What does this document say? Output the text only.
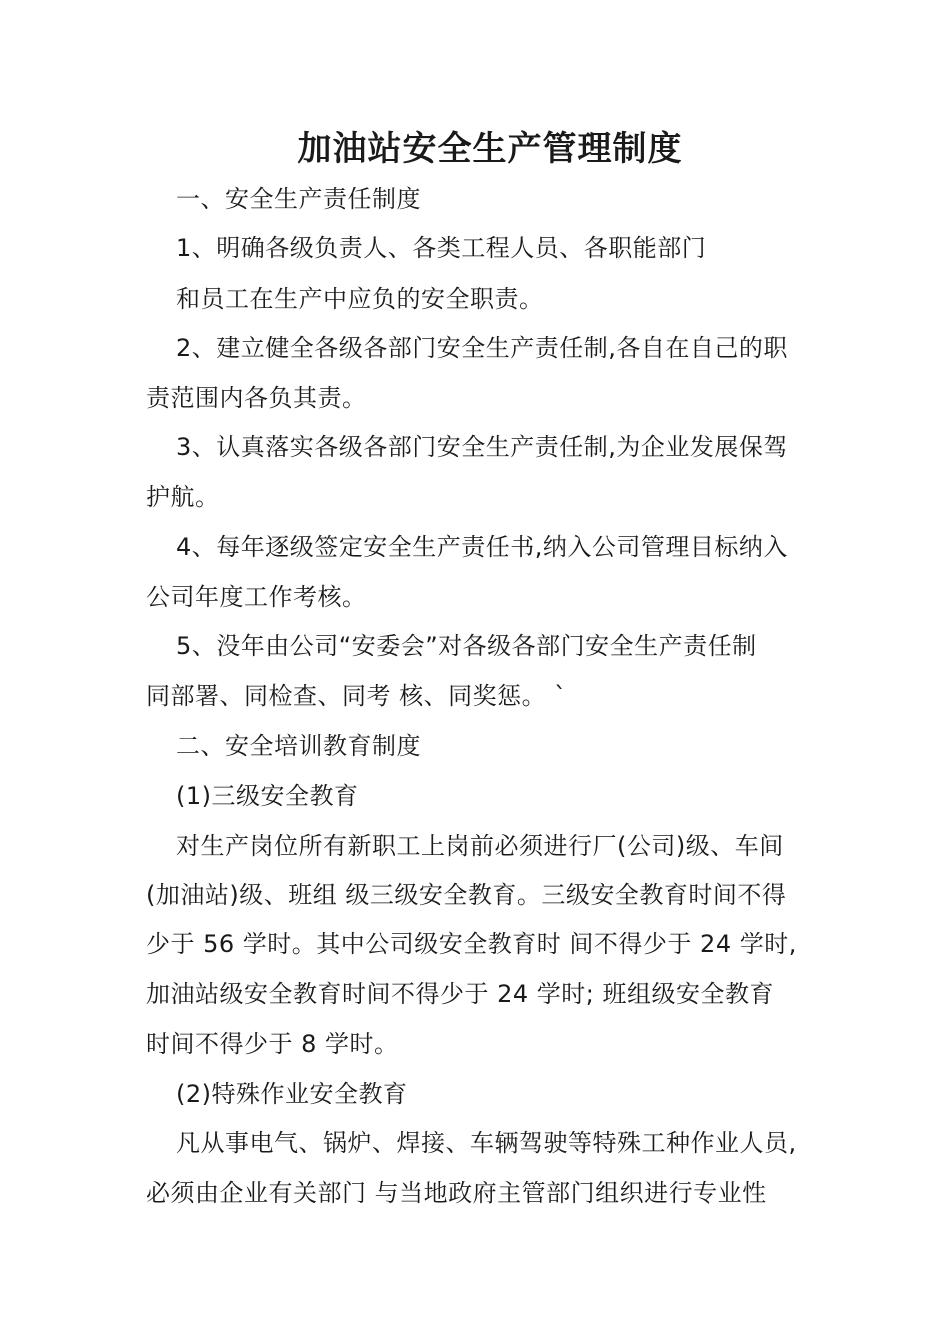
加油站安全生产管理制度
一、安全生产责任制度
1、明确各级负责人、各类工程人员、各职能部门
和员工在生产中应负的安全职责。
2、建立健全各级各部门安全生产责任制,各自在自己的职
责范围内各负其责。
3、认真落实各级各部门安全生产责任制,为企业发展保驾
护航。
4、每年逐级签定安全生产责任书,纳入公司管理目标纳入
公司年度工作考核。
5、没年由公司“安委会”对各级各部门安全生产责任制
同部署、同检查、同考 核、同奖惩。 `
二、安全培训教育制度
(1)三级安全教育
对生产岗位所有新职工上岗前必须进行厂(公司)级、车间
(加油站)级、班组 级三级安全教育。三级安全教育时间不得
少于 56 学时。其中公司级安全教育时 间不得少于 24 学时,
加油站级安全教育时间不得少于 24 学时; 班组级安全教育
时间不得少于 8 学时。
(2)特殊作业安全教育
凡从事电气、锅炉、焊接、车辆驾驶等特殊工种作业人员,
必须由企业有关部门 与当地政府主管部门组织进行专业性
